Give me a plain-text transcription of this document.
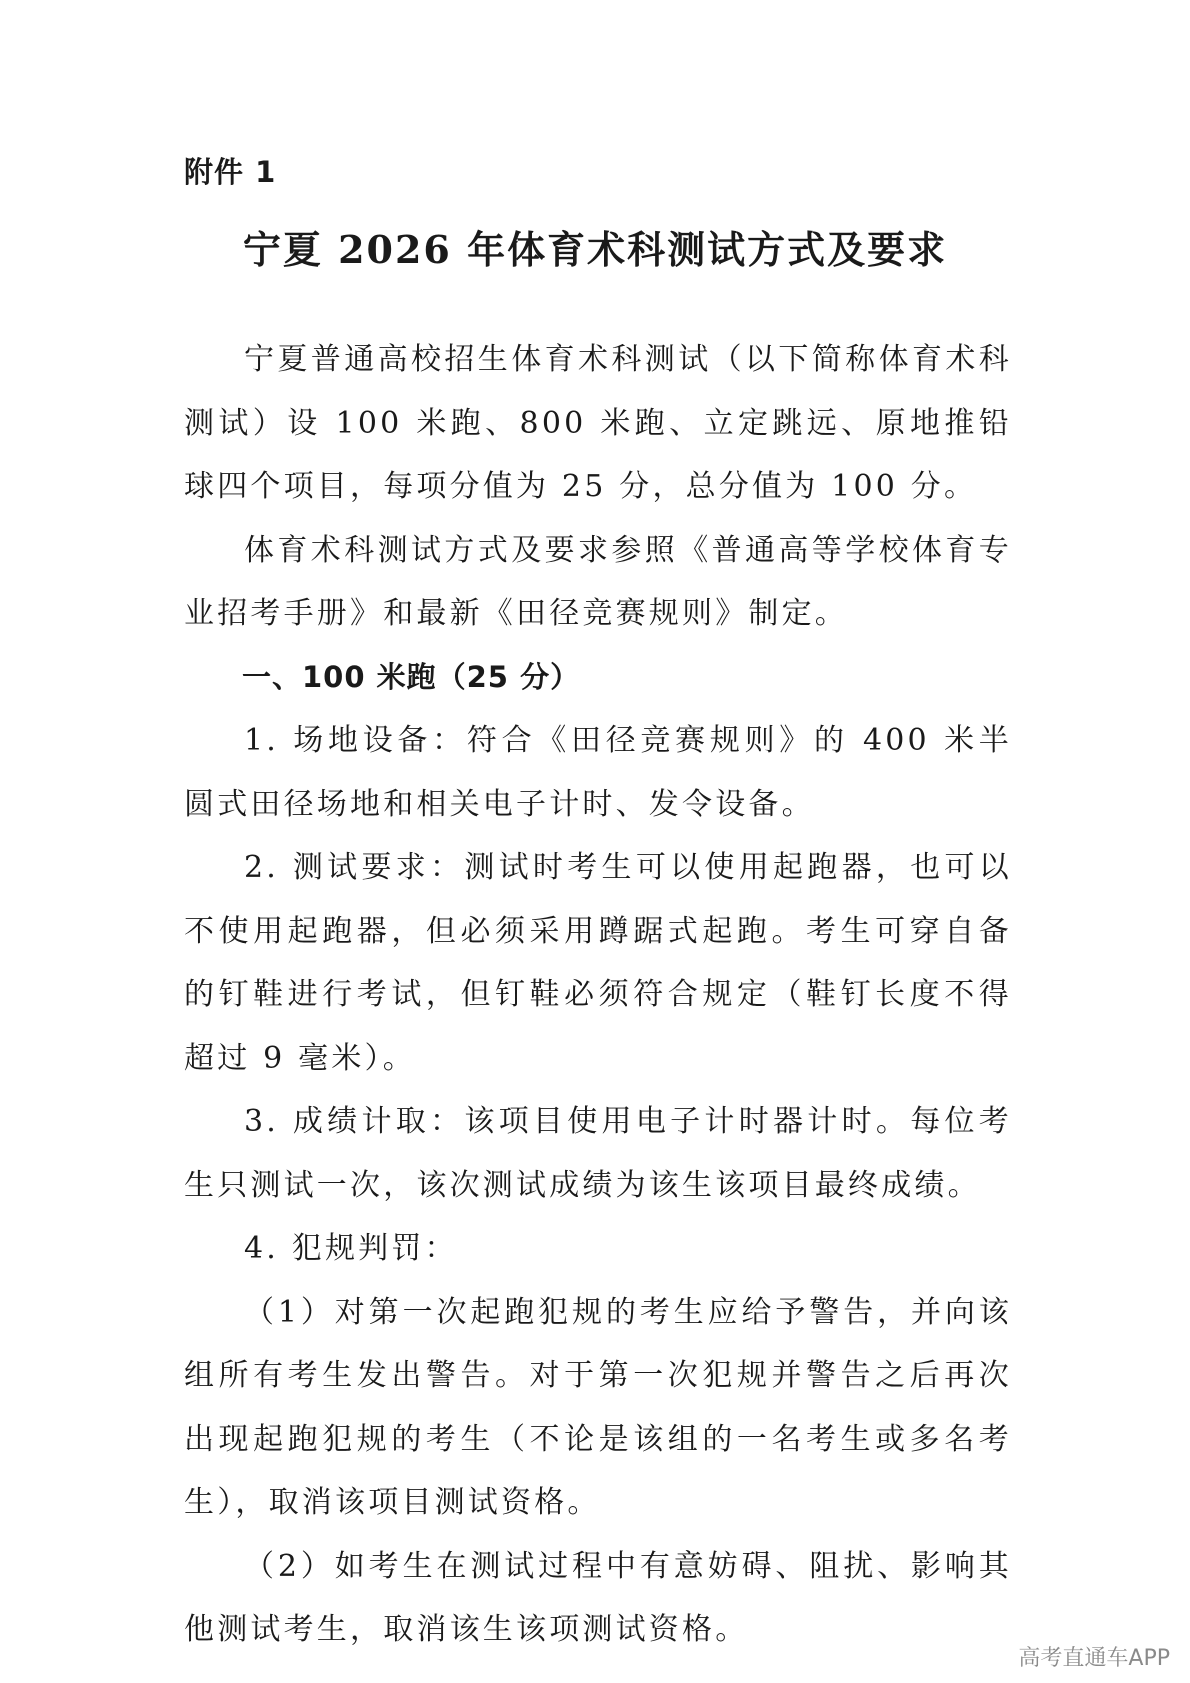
附件 1
宁夏 2026 年体育术科测试方式及要求

宁夏普通高校招生体育术科测试（以下简称体育术科测试）设 100 米跑、800 米跑、立定跳远、原地推铅球四个项目，每项分值为 25 分，总分值为 100 分。

体育术科测试方式及要求参照《普通高等学校体育专业招考手册》和最新《田径竞赛规则》制定。

一、100 米跑（25 分）

1. 场地设备：符合《田径竞赛规则》的 400 米半圆式田径场地和相关电子计时、发令设备。

2. 测试要求：测试时考生可以使用起跑器，也可以不使用起跑器，但必须采用蹲踞式起跑。考生可穿自备的钉鞋进行考试，但钉鞋必须符合规定（鞋钉长度不得超过 9 毫米）。

3. 成绩计取：该项目使用电子计时器计时。每位考生只测试一次，该次测试成绩为该生该项目最终成绩。

4. 犯规判罚：

（1）对第一次起跑犯规的考生应给予警告，并向该组所有考生发出警告。对于第一次犯规并警告之后再次出现起跑犯规的考生（不论是该组的一名考生或多名考生），取消该项目测试资格。

（2）如考生在测试过程中有意妨碍、阻扰、影响其他测试考生，取消该生该项测试资格。

高考直通车APP
